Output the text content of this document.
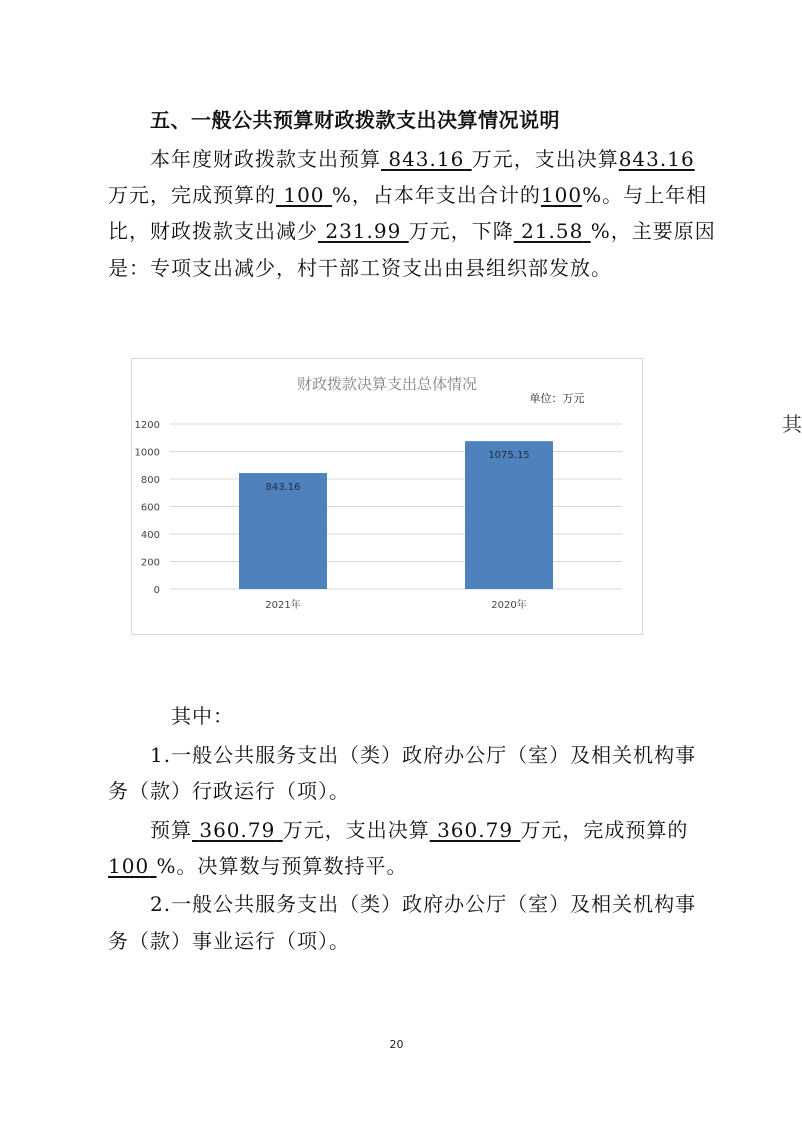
五、一般公共预算财政拨款支出决算情况说明
本年度财政拨款支出预算 843.16 万元，支出决算843.16
万元，完成预算的 100 %，占本年支出合计的100%。与上年相
比，财政拨款支出减少 231.99 万元，下降 21.58 %，主要原因
是：专项支出减少，村干部工资支出由县组织部发放。
其
财政拨款决算支出总体情况
单位：万元
0
200
400
600
800
1000
1200
843.16
1075.15
2021年	2020年
其中：
1.一般公共服务支出（类）政府办公厅（室）及相关机构事
务（款）行政运行（项）。
预算 360.79 万元，支出决算 360.79 万元，完成预算的
100 %。决算数与预算数持平。
2.一般公共服务支出（类）政府办公厅（室）及相关机构事
务（款）事业运行（项）。
20
